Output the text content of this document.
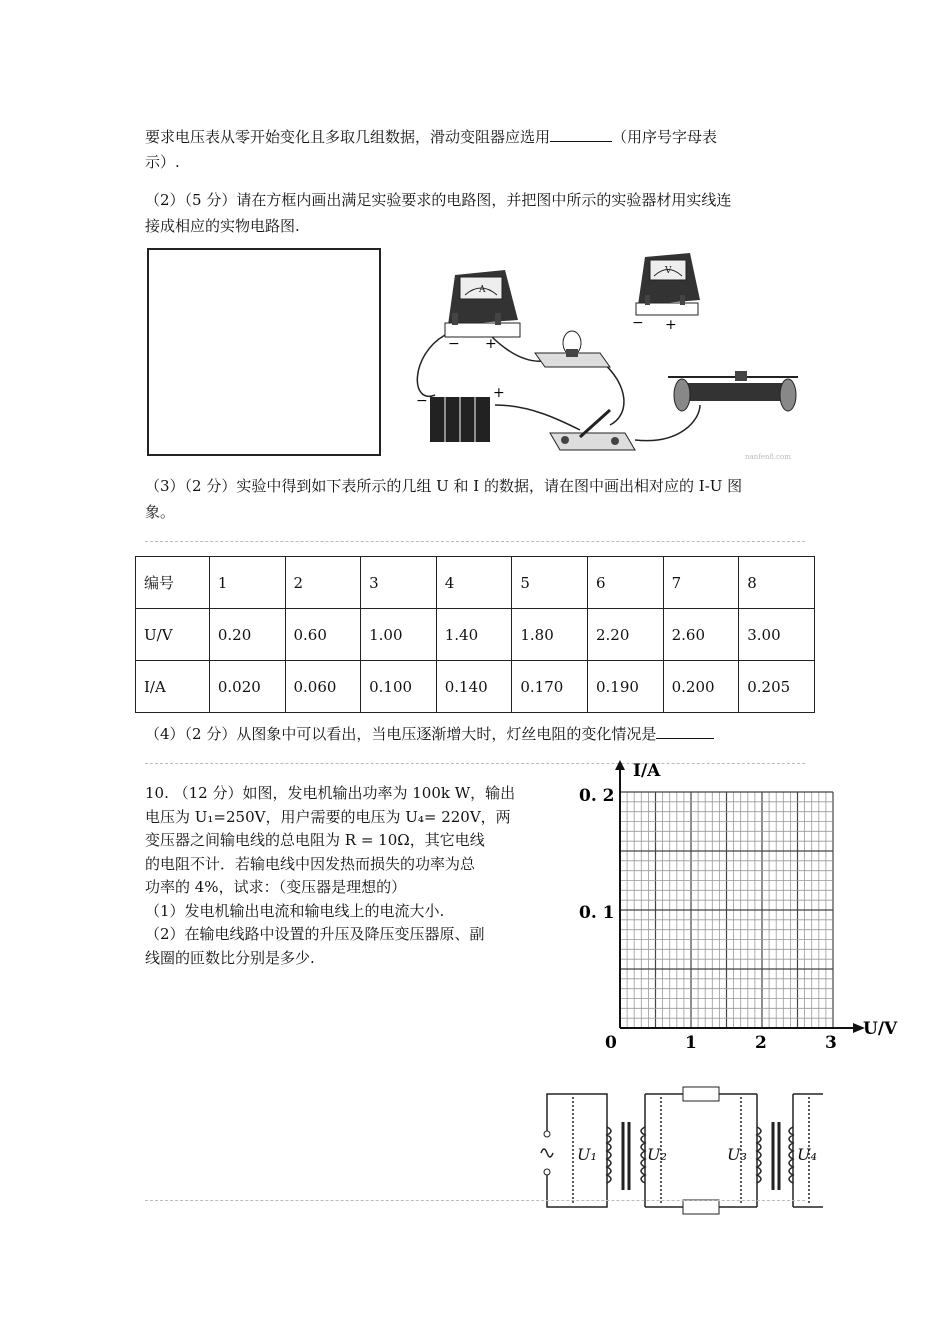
要求电压表从零开始变化且多取几组数据，滑动变阻器应选用	（用序号字母表
示）.
（2）（5 分）请在方框内画出满足实验要求的电路图，并把图中所示的实验器材用实线连
接成相应的实物电路图.
A
− +
V
− +
−	+
nanfen8.com
（3）（2 分）实验中得到如下表所示的几组 U 和 I 的数据，请在图中画出相对应的 I-U 图
象。
编号	1	2	3	4	5	6	7	8
U/V	0.20	0.60	1.00	1.40	1.80	2.20	2.60	3.00
I/A	0.020	0.060	0.100	0.140	0.170	0.190	0.200	0.205
（4）（2 分）从图象中可以看出，当电压逐渐增大时，灯丝电阻的变化情况是
10. （12 分）如图，发电机输出功率为 100k W，输出
电压为 U₁=250V，用户需要的电压为 U₄= 220V，两
变压器之间输电线的总电阻为 R = 10Ω，其它电线
的电阻不计．若输电线中因发热而损失的功率为总
功率的 4%，试求：（变压器是理想的）
（1）发电机输出电流和输电线上的电流大小.
（2）在输电线路中设置的升压及降压变压器原、副
线圈的匝数比分别是多少.
I/A
U/V
0	1	2	3
0. 1
0. 2
U₁	U₂	U₃	U₄
